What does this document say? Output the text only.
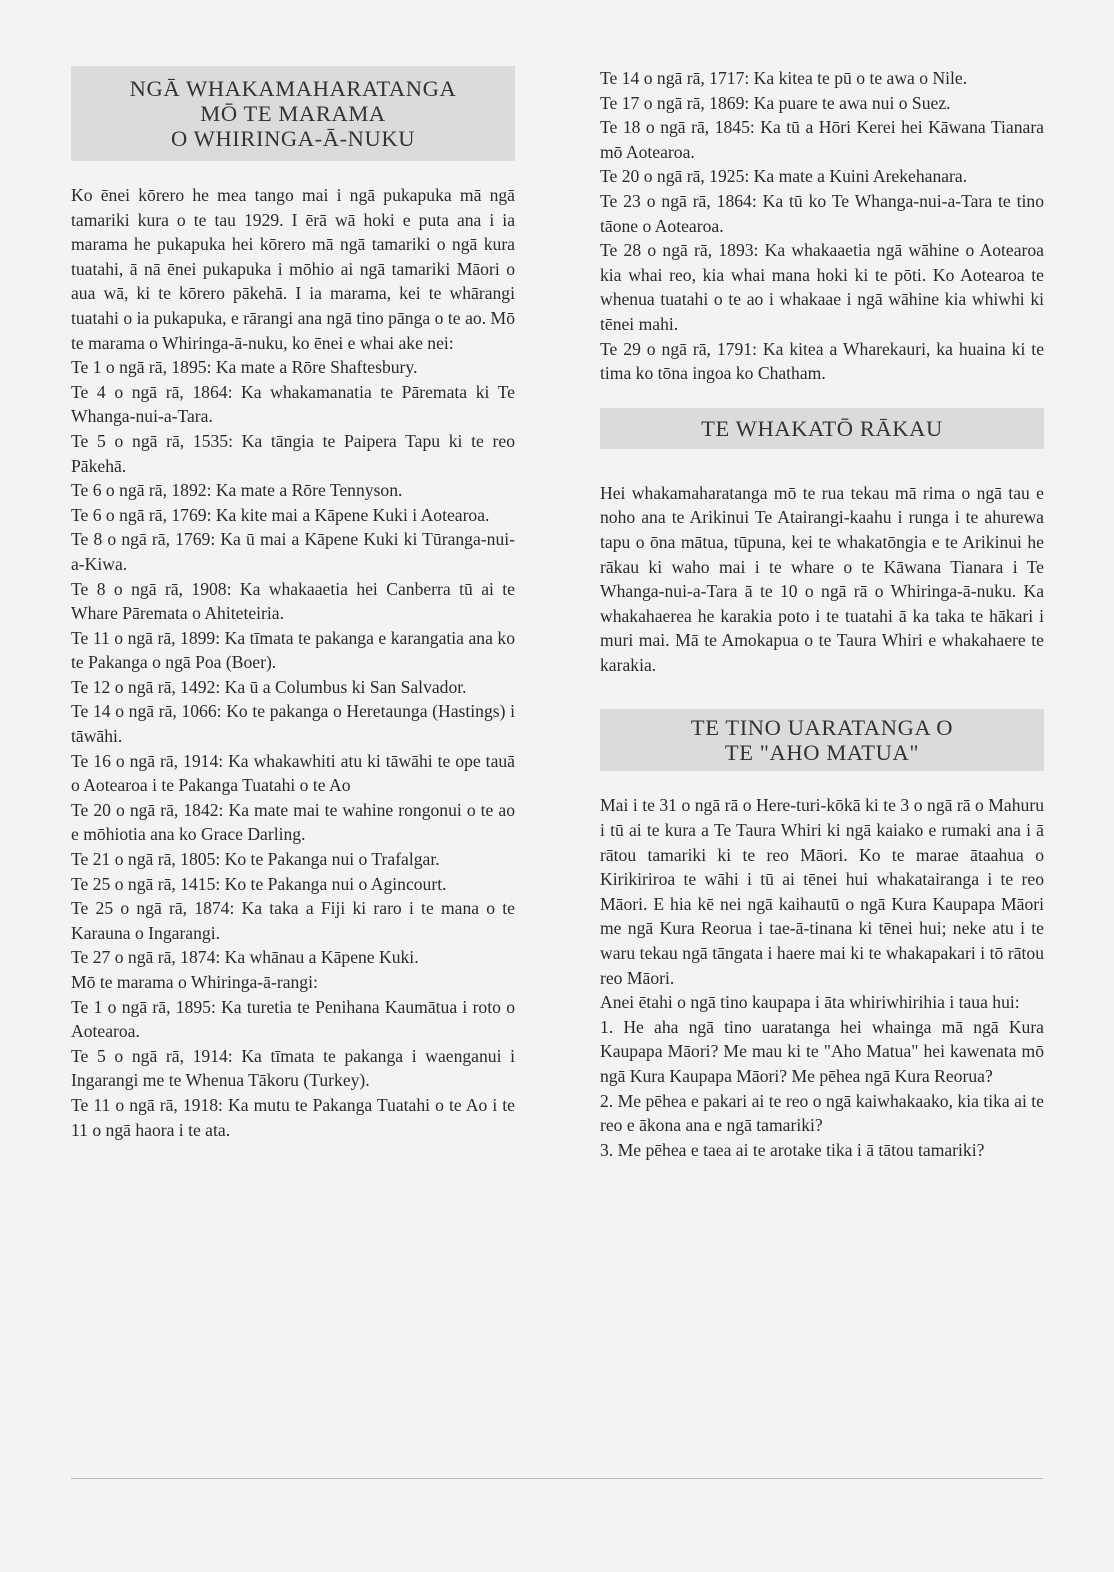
NGĀ WHAKAMAHARATANGA
MŌ TE MARAMA
O WHIRINGA-Ā-NUKU

Ko ēnei kōrero he mea tango mai i ngā pukapuka mā ngā tamariki kura o te tau 1929. I ērā wā hoki e puta ana i ia marama he pukapuka hei kōrero mā ngā tamariki o ngā kura tuatahi, ā nā ēnei pukapuka i mōhio ai ngā tamariki Māori o aua wā, ki te kōrero pākehā. I ia marama, kei te whārangi tuatahi o ia pukapuka, e rārangi ana ngā tino pānga o te ao. Mō te marama o Whiringa-ā-nuku, ko ēnei e whai ake nei:

Te 1 o ngā rā, 1895: Ka mate a Rōre Shaftesbury.

Te 4 o ngā rā, 1864: Ka whakamanatia te Pāremata ki Te Whanga-nui-a-Tara.

Te 5 o ngā rā, 1535: Ka tāngia te Paipera Tapu ki te reo Pākehā.

Te 6 o ngā rā, 1892: Ka mate a Rōre Tennyson.

Te 6 o ngā rā, 1769: Ka kite mai a Kāpene Kuki i Aotearoa.

Te 8 o ngā rā, 1769: Ka ū mai a Kāpene Kuki ki Tūranga-nui-a-Kiwa.

Te 8 o ngā rā, 1908: Ka whakaaetia hei Canberra tū ai te Whare Pāremata o Ahiteteiria.

Te 11 o ngā rā, 1899: Ka tīmata te pakanga e karangatia ana ko te Pakanga o ngā Poa (Boer).

Te 12 o ngā rā, 1492: Ka ū a Columbus ki San Salvador.

Te 14 o ngā rā, 1066: Ko te pakanga o Heretaunga (Hastings) i tāwāhi.

Te 16 o ngā rā, 1914: Ka whakawhiti atu ki tāwāhi te ope tauā o Aotearoa i te Pakanga Tuatahi o te Ao

Te 20 o ngā rā, 1842: Ka mate mai te wahine rongonui o te ao e mōhiotia ana ko Grace Darling.

Te 21 o ngā rā, 1805: Ko te Pakanga nui o Trafalgar.

Te 25 o ngā rā, 1415: Ko te Pakanga nui o Agincourt.

Te 25 o ngā rā, 1874: Ka taka a Fiji ki raro i te mana o te Karauna o Ingarangi.

Te 27 o ngā rā, 1874: Ka whānau a Kāpene Kuki.

Mō te marama o Whiringa-ā-rangi:

Te 1 o ngā rā, 1895: Ka turetia te Penihana Kaumātua i roto o Aotearoa.

Te 5 o ngā rā, 1914: Ka tīmata te pakanga i waenganui i Ingarangi me te Whenua Tākoru (Turkey).

Te 11 o ngā rā, 1918: Ka mutu te Pakanga Tuatahi o te Ao i te 11 o ngā haora i te ata.

Te 14 o ngā rā, 1717: Ka kitea te pū o te awa o Nile.

Te 17 o ngā rā, 1869: Ka puare te awa nui o Suez.

Te 18 o ngā rā, 1845: Ka tū a Hōri Kerei hei Kāwana Tianara mō Aotearoa.

Te 20 o ngā rā, 1925: Ka mate a Kuini Arekehanara.

Te 23 o ngā rā, 1864: Ka tū ko Te Whanga-nui-a-Tara te tino tāone o Aotearoa.

Te 28 o ngā rā, 1893: Ka whakaaetia ngā wāhine o Aotearoa kia whai reo, kia whai mana hoki ki te pōti. Ko Aotearoa te whenua tuatahi o te ao i whakaae i ngā wāhine kia whiwhi ki tēnei mahi.

Te 29 o ngā rā, 1791: Ka kitea a Wharekauri, ka huaina ki te tima ko tōna ingoa ko Chatham.

TE WHAKATŌ RĀKAU

Hei whakamaharatanga mō te rua tekau mā rima o ngā tau e noho ana te Arikinui Te Atairangi-kaahu i runga i te ahurewa tapu o ōna mātua, tūpuna, kei te whakatōngia e te Arikinui he rākau ki waho mai i te whare o te Kāwana Tianara i Te Whanga-nui-a-Tara ā te 10 o ngā rā o Whiringa-ā-nuku. Ka whakahaerea he karakia poto i te tuatahi ā ka taka te hākari i muri mai. Mā te Amokapua o te Taura Whiri e whakahaere te karakia.

TE TINO UARATANGA O
TE "AHO MATUA"

Mai i te 31 o ngā rā o Here-turi-kōkā ki te 3 o ngā rā o Mahuru i tū ai te kura a Te Taura Whiri ki ngā kaiako e rumaki ana i ā rātou tamariki ki te reo Māori. Ko te marae ātaahua o Kirikiriroa te wāhi i tū ai tēnei hui whakatairanga i te reo Māori. E hia kē nei ngā kaihautū o ngā Kura Kaupapa Māori me ngā Kura Reorua i tae-ā-tinana ki tēnei hui; neke atu i te waru tekau ngā tāngata i haere mai ki te whakapakari i tō rātou reo Māori.

Anei ētahi o ngā tino kaupapa i āta whiriwhirihia i taua hui:

1. He aha ngā tino uaratanga hei whainga mā ngā Kura Kaupapa Māori? Me mau ki te "Aho Matua" hei kawenata mō ngā Kura Kaupapa Māori? Me pēhea ngā Kura Reorua?

2. Me pēhea e pakari ai te reo o ngā kaiwhakaako, kia tika ai te reo e ākona ana e ngā tamariki?

3. Me pēhea e taea ai te arotake tika i ā tātou tamariki?
